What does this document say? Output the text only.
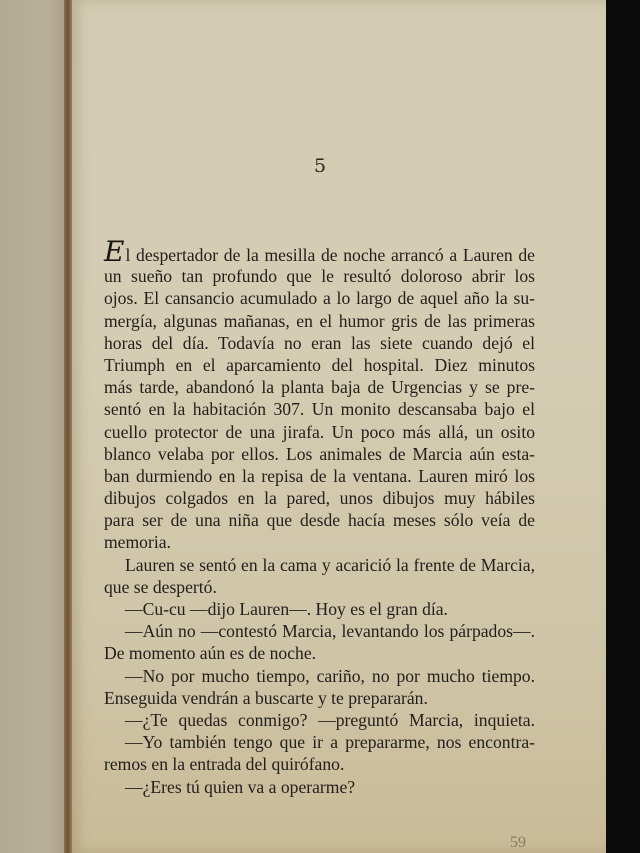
5
El despertador de la mesilla de noche arrancó a Lauren de
un sueño tan profundo que le resultó doloroso abrir los
ojos. El cansancio acumulado a lo largo de aquel año la su-
mergía, algunas mañanas, en el humor gris de las primeras
horas del día. Todavía no eran las siete cuando dejó el
Triumph en el aparcamiento del hospital. Diez minutos
más tarde, abandonó la planta baja de Urgencias y se pre-
sentó en la habitación 307. Un monito descansaba bajo el
cuello protector de una jirafa. Un poco más allá, un osito
blanco velaba por ellos. Los animales de Marcia aún esta-
ban durmiendo en la repisa de la ventana. Lauren miró los
dibujos colgados en la pared, unos dibujos muy hábiles
para ser de una niña que desde hacía meses sólo veía de
memoria.
Lauren se sentó en la cama y acarició la frente de Marcia,
que se despertó.
—Cu-cu —dijo Lauren—. Hoy es el gran día.
—Aún no —contestó Marcia, levantando los párpados—.
De momento aún es de noche.
—No por mucho tiempo, cariño, no por mucho tiempo.
Enseguida vendrán a buscarte y te prepararán.
—¿Te quedas conmigo? —preguntó Marcia, inquieta.
—Yo también tengo que ir a prepararme, nos encontra-
remos en la entrada del quirófano.
—¿Eres tú quien va a operarme?
59
